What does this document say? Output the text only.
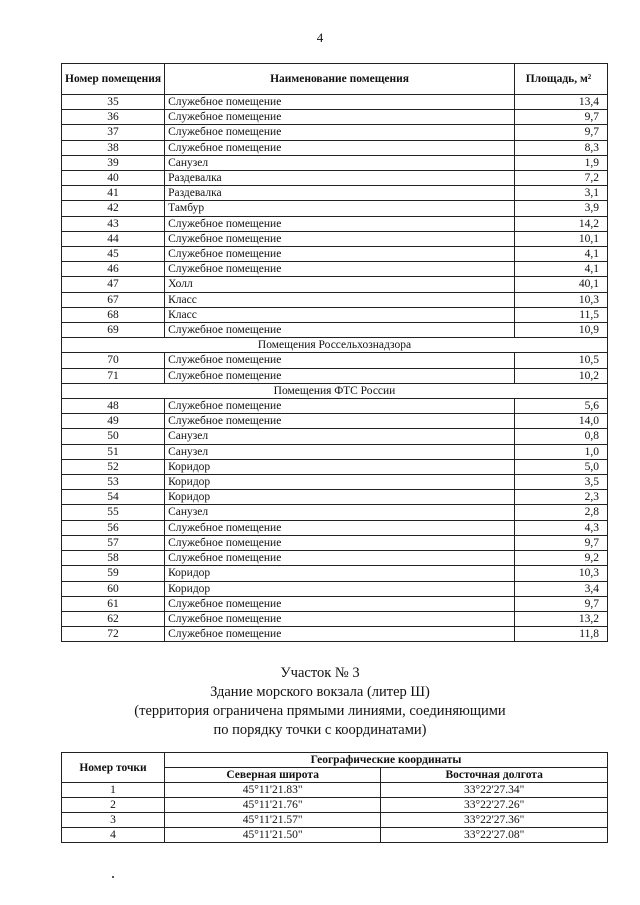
4
Номер помещения	Наименование помещения	Площадь, м²
35	Служебное помещение	13,4
36	Служебное помещение	9,7
37	Служебное помещение	9,7
38	Служебное помещение	8,3
39	Санузел	1,9
40	Раздевалка	7,2
41	Раздевалка	3,1
42	Тамбур	3,9
43	Служебное помещение	14,2
44	Служебное помещение	10,1
45	Служебное помещение	4,1
46	Служебное помещение	4,1
47	Холл	40,1
67	Класс	10,3
68	Класс	11,5
69	Служебное помещение	10,9
Помещения Россельхознадзора		
70	Служебное помещение	10,5
71	Служебное помещение	10,2
Помещения ФТС России		
48	Служебное помещение	5,6
49	Служебное помещение	14,0
50	Санузел	0,8
51	Санузел	1,0
52	Коридор	5,0
53	Коридор	3,5
54	Коридор	2,3
55	Санузел	2,8
56	Служебное помещение	4,3
57	Служебное помещение	9,7
58	Служебное помещение	9,2
59	Коридор	10,3
60	Коридор	3,4
61	Служебное помещение	9,7
62	Служебное помещение	13,2
72	Служебное помещение	11,8
Участок № 3
Здание морского вокзала (литер Ш)
(территория ограничена прямыми линиями, соединяющими
по порядку точки с координатами)
Номер точки	Географические координаты	
	Северная широта	Восточная долгота
1	45°11'21.83"	33°22'27.34"
2	45°11'21.76"	33°22'27.26"
3	45°11'21.57"	33°22'27.36"
4	45°11'21.50"	33°22'27.08"
